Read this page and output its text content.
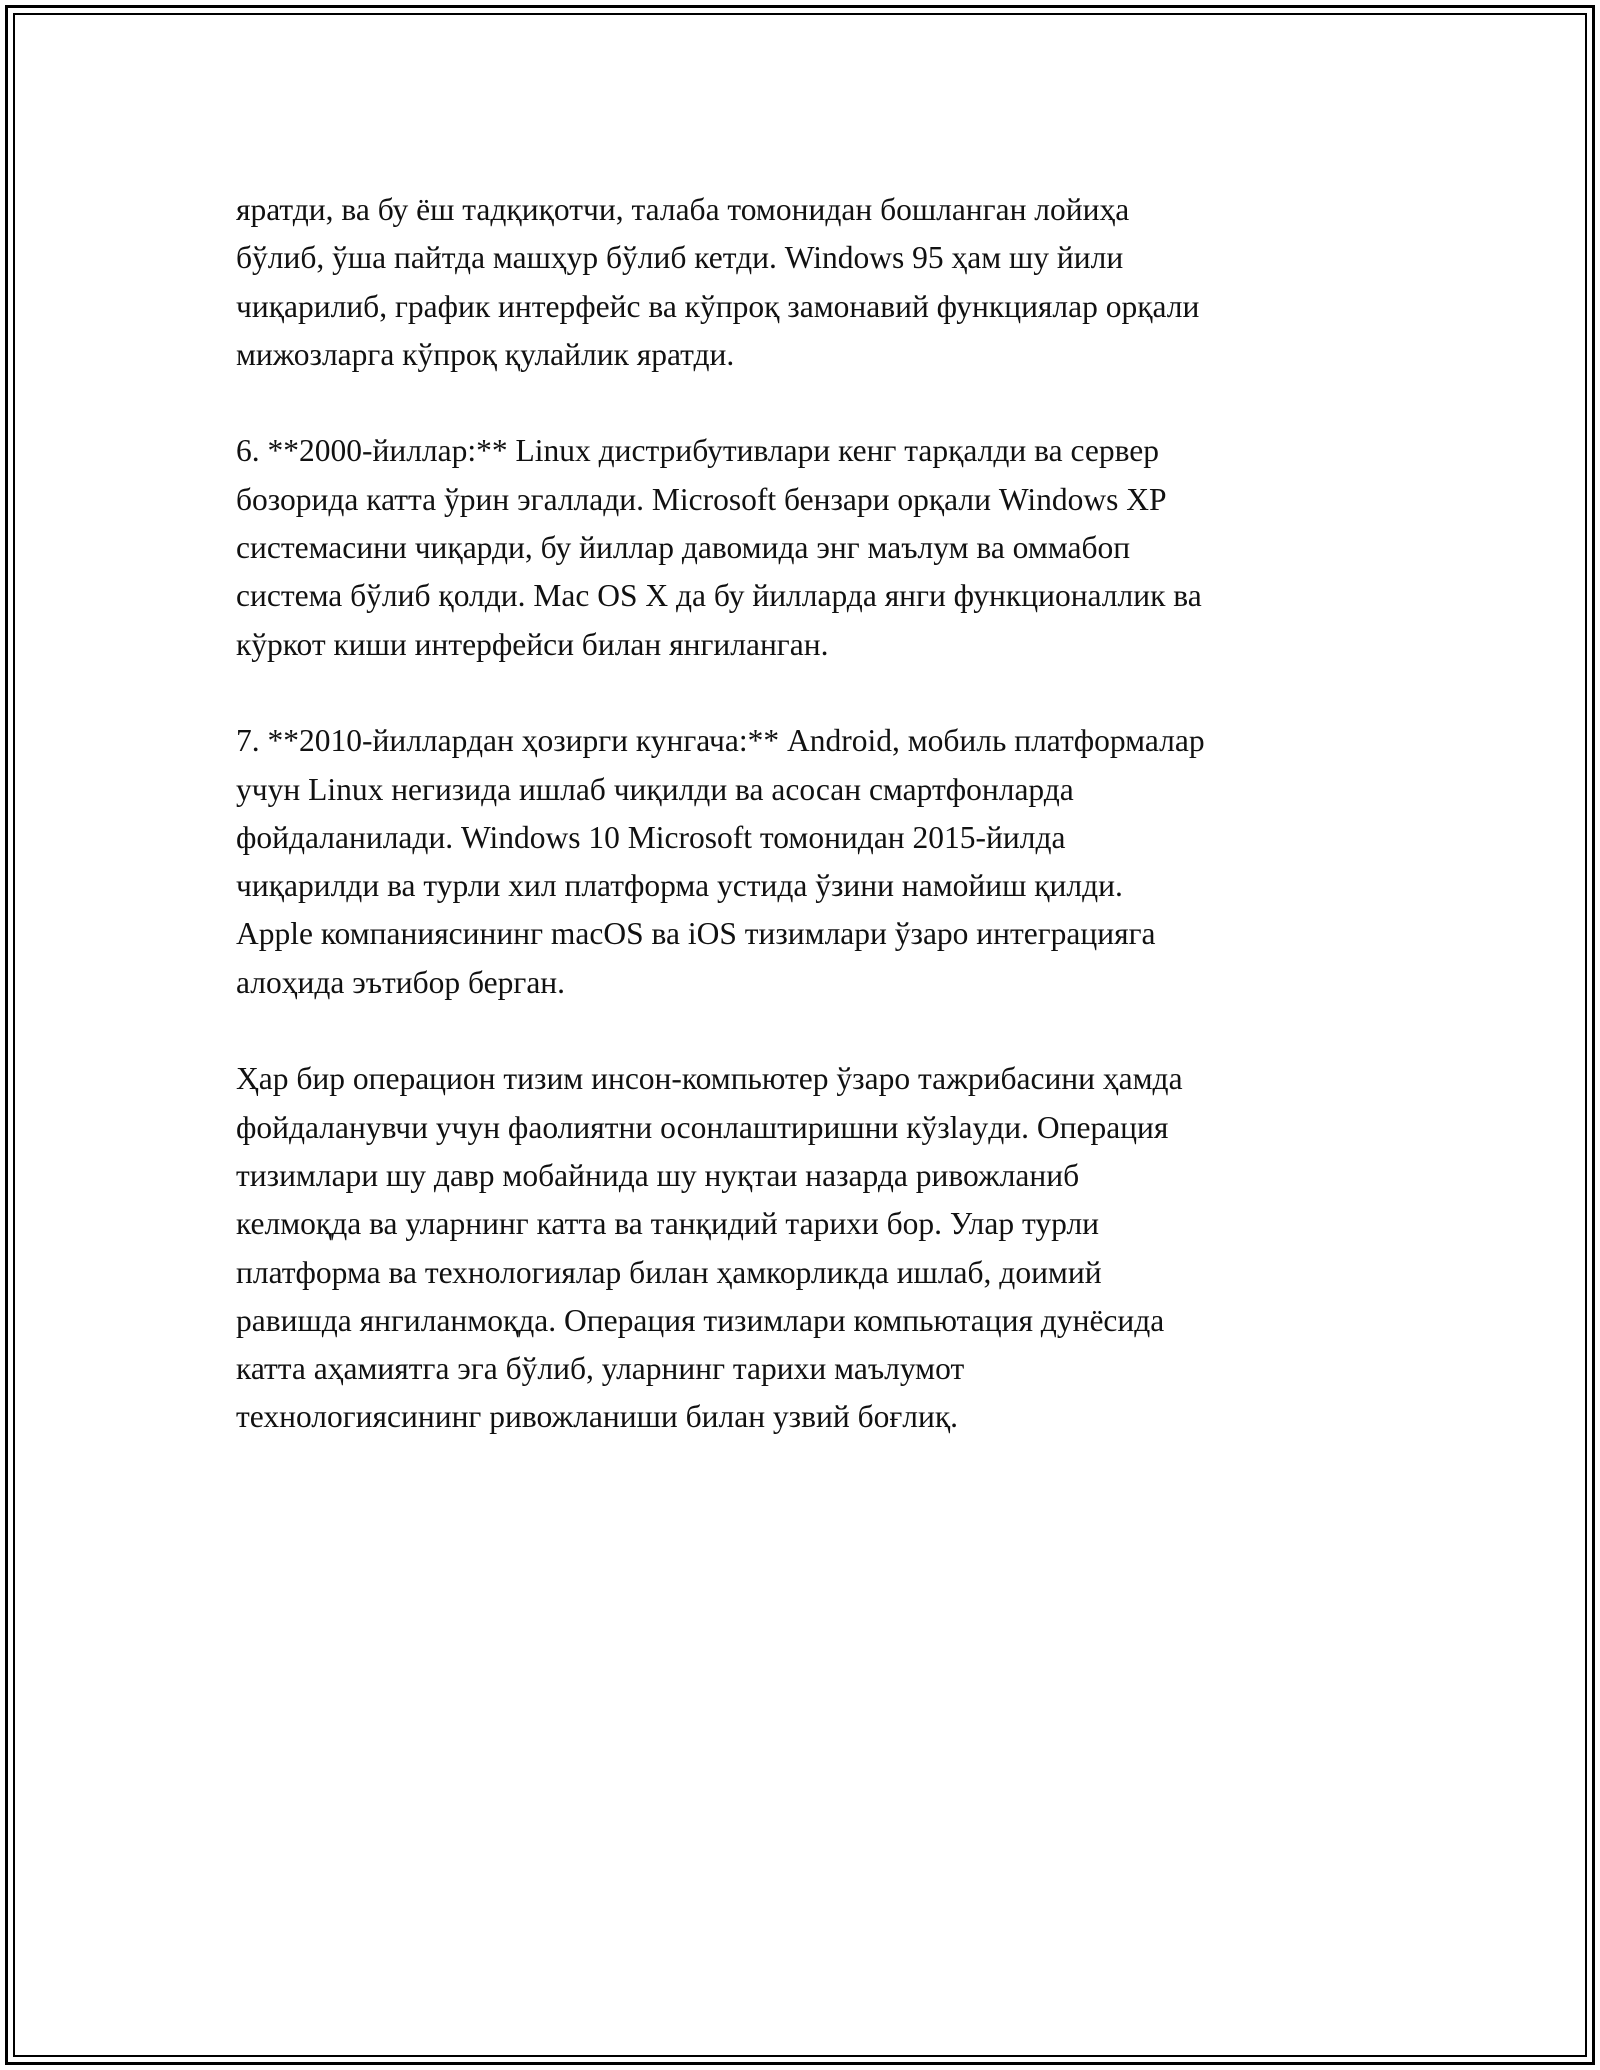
яратди, ва бу ёш тадқиқотчи, талаба томонидан бошланган лойиҳа
бўлиб, ўша пайтда машҳур бўлиб кетди. Windows 95 ҳам шу йили
чиқарилиб, график интерфейс ва кўпроқ замонавий функциялар орқали
мижозларга кўпроқ қулайлик яратди.

6. **2000-йиллар:** Linux дистрибутивлари кенг тарқалди ва сервер
бозорида катта ўрин эгаллади. Microsoft бензари орқали Windows XP
системасини чиқарди, бу йиллар давомида энг маълум ва оммабоп
система бўлиб қолди. Mac OS X да бу йилларда янги функционаллик ва
кўркот киши интерфейси билан янгиланган.

7. **2010-йиллардан ҳозирги кунгача:** Android, мобиль платформалар
учун Linux негизида ишлаб чиқилди ва асосан смартфонларда
фойдаланилади. Windows 10 Microsoft томонидан 2015-йилда
чиқарилди ва турли хил платформа устида ўзини намойиш қилди.
Apple компаниясининг macOS ва iOS тизимлари ўзаро интеграцияга
алоҳида эътибор берган.

Ҳар бир операцион тизим инсон-компьютер ўзаро тажрибасини ҳамда
фойдаланувчи учун фаолиятни осонлаштиришни кўзlayди. Операция
тизимлари шу давр мобайнида шу нуқтаи назарда ривожланиб
келмоқда ва уларнинг катта ва танқидий тарихи бор. Улар турли
платформа ва технологиялар билан ҳамкорликда ишлаб, доимий
равишда янгиланмоқда. Операция тизимлари компьютация дунёсида
катта аҳамиятга эга бўлиб, уларнинг тарихи маълумот
технологиясининг ривожланиши билан узвий боғлиқ.
